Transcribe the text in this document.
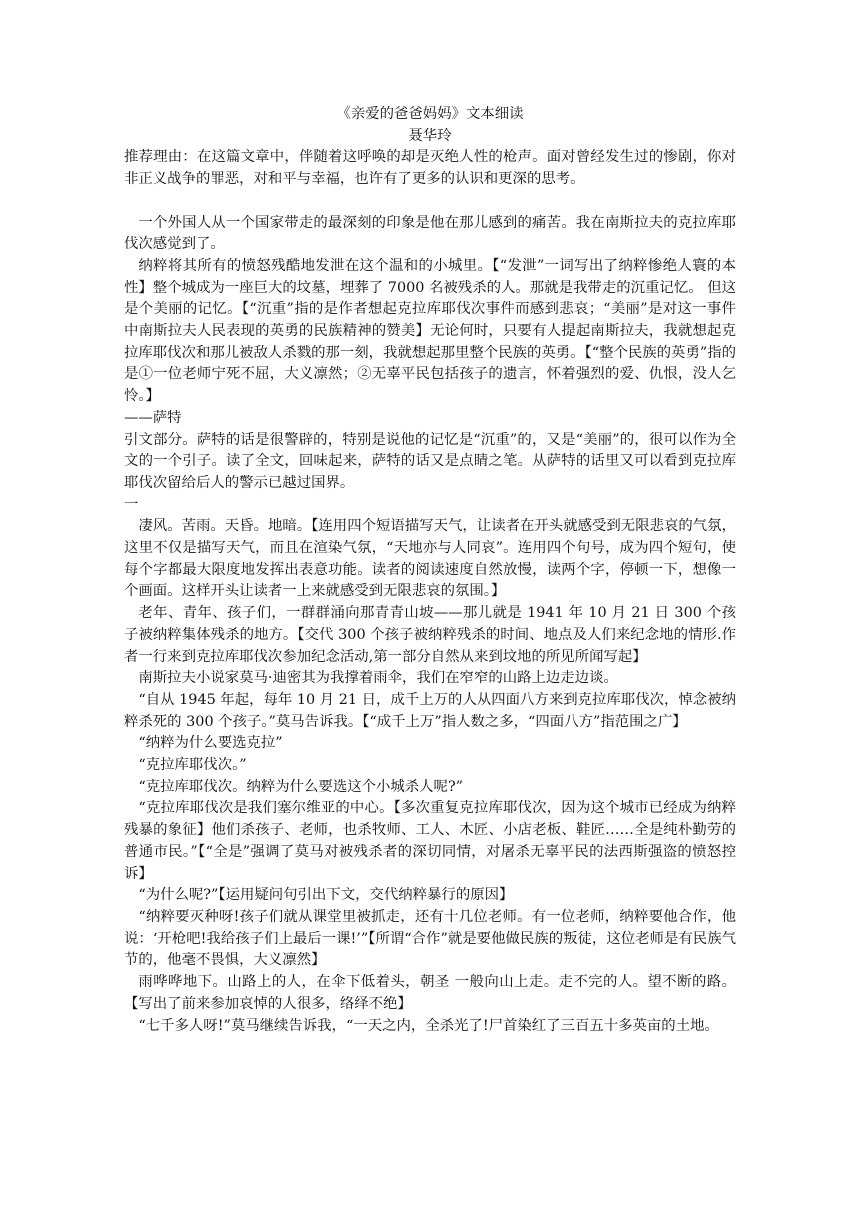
《亲爱的爸爸妈妈》文本细读
聂华玲

推荐理由：在这篇文章中，伴随着这呼唤的却是灭绝人性的枪声。面对曾经发生过的惨剧，你对非正义战争的罪恶，对和平与幸福，也许有了更多的认识和更深的思考。

一个外国人从一个国家带走的最深刻的印象是他在那儿感到的痛苦。我在南斯拉夫的克拉库耶伐次感觉到了。

纳粹将其所有的愤怒残酷地发泄在这个温和的小城里。【“发泄”一词写出了纳粹惨绝人寰的本性】整个城成为一座巨大的坟墓，埋葬了 7000 名被残杀的人。那就是我带走的沉重记忆。 但这是个美丽的记忆。【“沉重”指的是作者想起克拉库耶伐次事件而感到悲哀；“美丽”是对这一事件中南斯拉夫人民表现的英勇的民族精神的赞美】无论何时，只要有人提起南斯拉夫，我就想起克拉库耶伐次和那儿被敌人杀戮的那一刻，我就想起那里整个民族的英勇。【“整个民族的英勇”指的是①一位老师宁死不屈，大义凛然；②无辜平民包括孩子的遗言，怀着强烈的爱、仇恨，没人乞怜。】

——萨特

引文部分。萨特的话是很警辟的，特别是说他的记忆是“沉重”的，又是“美丽”的，很可以作为全文的一个引子。读了全文，回味起来，萨特的话又是点睛之笔。从萨特的话里又可以看到克拉库耶伐次留给后人的警示已越过国界。

一

凄风。苦雨。天昏。地暗。【连用四个短语描写天气，让读者在开头就感受到无限悲哀的气氛，这里不仅是描写天气，而且在渲染气氛，“天地亦与人同哀”。连用四个句号，成为四个短句，使每个字都最大限度地发挥出表意功能。读者的阅读速度自然放慢，读两个字，停顿一下，想像一个画面。这样开头让读者一上来就感受到无限悲哀的氛围。】

老年、青年、孩子们，一群群涌向那青青山坡——那儿就是 1941 年 10 月 21 日 300 个孩子被纳粹集体残杀的地方。【交代 300 个孩子被纳粹残杀的时间、地点及人们来纪念地的情形.作者一行来到克拉库耶伐次参加纪念活动,第一部分自然从来到坟地的所见所闻写起】

南斯拉夫小说家莫马·迪密其为我撑着雨伞，我们在窄窄的山路上边走边谈。

“自从 1945 年起，每年 10 月 21 日，成千上万的人从四面八方来到克拉库耶伐次，悼念被纳粹杀死的 300 个孩子。”莫马告诉我。【“成千上万”指人数之多，“四面八方”指范围之广】

“纳粹为什么要选克拉”

“克拉库耶伐次。”

“克拉库耶伐次。纳粹为什么要选这个小城杀人呢?”

“克拉库耶伐次是我们塞尔维亚的中心。【多次重复克拉库耶伐次，因为这个城市已经成为纳粹残暴的象征】他们杀孩子、老师，也杀牧师、工人、木匠、小店老板、鞋匠……全是纯朴勤劳的普通市民。”【“全是”强调了莫马对被残杀者的深切同情，对屠杀无辜平民的法西斯强盗的愤怒控诉】

“为什么呢?”【运用疑问句引出下文，交代纳粹暴行的原因】

“纳粹要灭种呀!孩子们就从课堂里被抓走，还有十几位老师。有一位老师，纳粹要他合作，他说：‘开枪吧!我给孩子们上最后一课!’”【所谓“合作”就是要他做民族的叛徒，这位老师是有民族气节的，他毫不畏惧，大义凛然】

雨哗哗地下。山路上的人，在伞下低着头，朝圣 一般向山上走。走不完的人。望不断的路。【写出了前来参加哀悼的人很多，络绎不绝】

“七千多人呀!”莫马继续告诉我，“一天之内，全杀光了!尸首染红了三百五十多英亩的土地。
